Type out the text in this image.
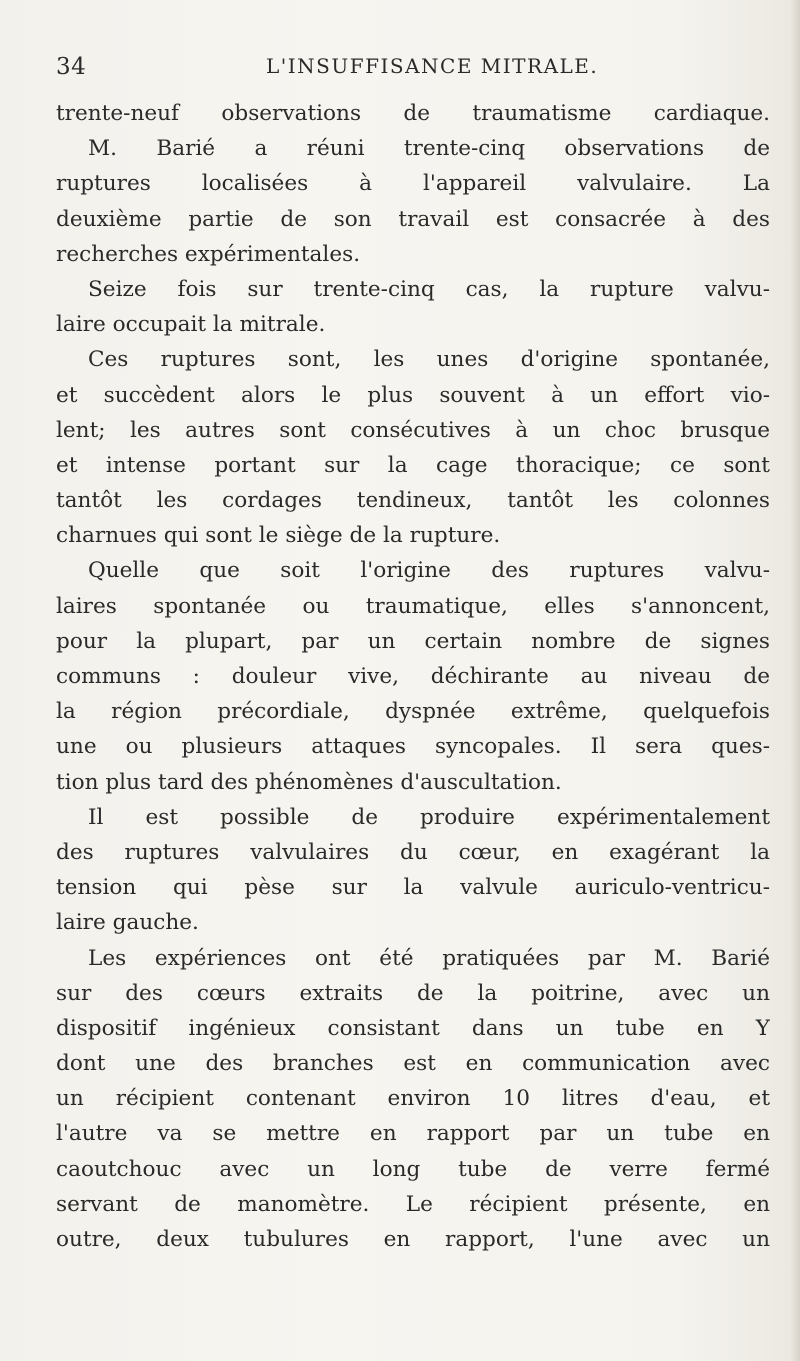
34	L'INSUFFISANCE MITRALE.
trente-neuf observations de traumatisme cardiaque.
M. Barié a réuni trente-cinq observations de
ruptures localisées à l'appareil valvulaire. La
deuxième partie de son travail est consacrée à des
recherches expérimentales.
Seize fois sur trente-cinq cas, la rupture valvu-
laire occupait la mitrale.
Ces ruptures sont, les unes d'origine spontanée,
et succèdent alors le plus souvent à un effort vio-
lent; les autres sont consécutives à un choc brusque
et intense portant sur la cage thoracique; ce sont
tantôt les cordages tendineux, tantôt les colonnes
charnues qui sont le siège de la rupture.
Quelle que soit l'origine des ruptures valvu-
laires spontanée ou traumatique, elles s'annoncent,
pour la plupart, par un certain nombre de signes
communs : douleur vive, déchirante au niveau de
la région précordiale, dyspnée extrême, quelquefois
une ou plusieurs attaques syncopales. Il sera ques-
tion plus tard des phénomènes d'auscultation.
Il est possible de produire expérimentalement
des ruptures valvulaires du cœur, en exagérant la
tension qui pèse sur la valvule auriculo-ventricu-
laire gauche.
Les expériences ont été pratiquées par M. Barié
sur des cœurs extraits de la poitrine, avec un
dispositif ingénieux consistant dans un tube en Y
dont une des branches est en communication avec
un récipient contenant environ 10 litres d'eau, et
l'autre va se mettre en rapport par un tube en
caoutchouc avec un long tube de verre fermé
servant de manomètre. Le récipient présente, en
outre, deux tubulures en rapport, l'une avec un
